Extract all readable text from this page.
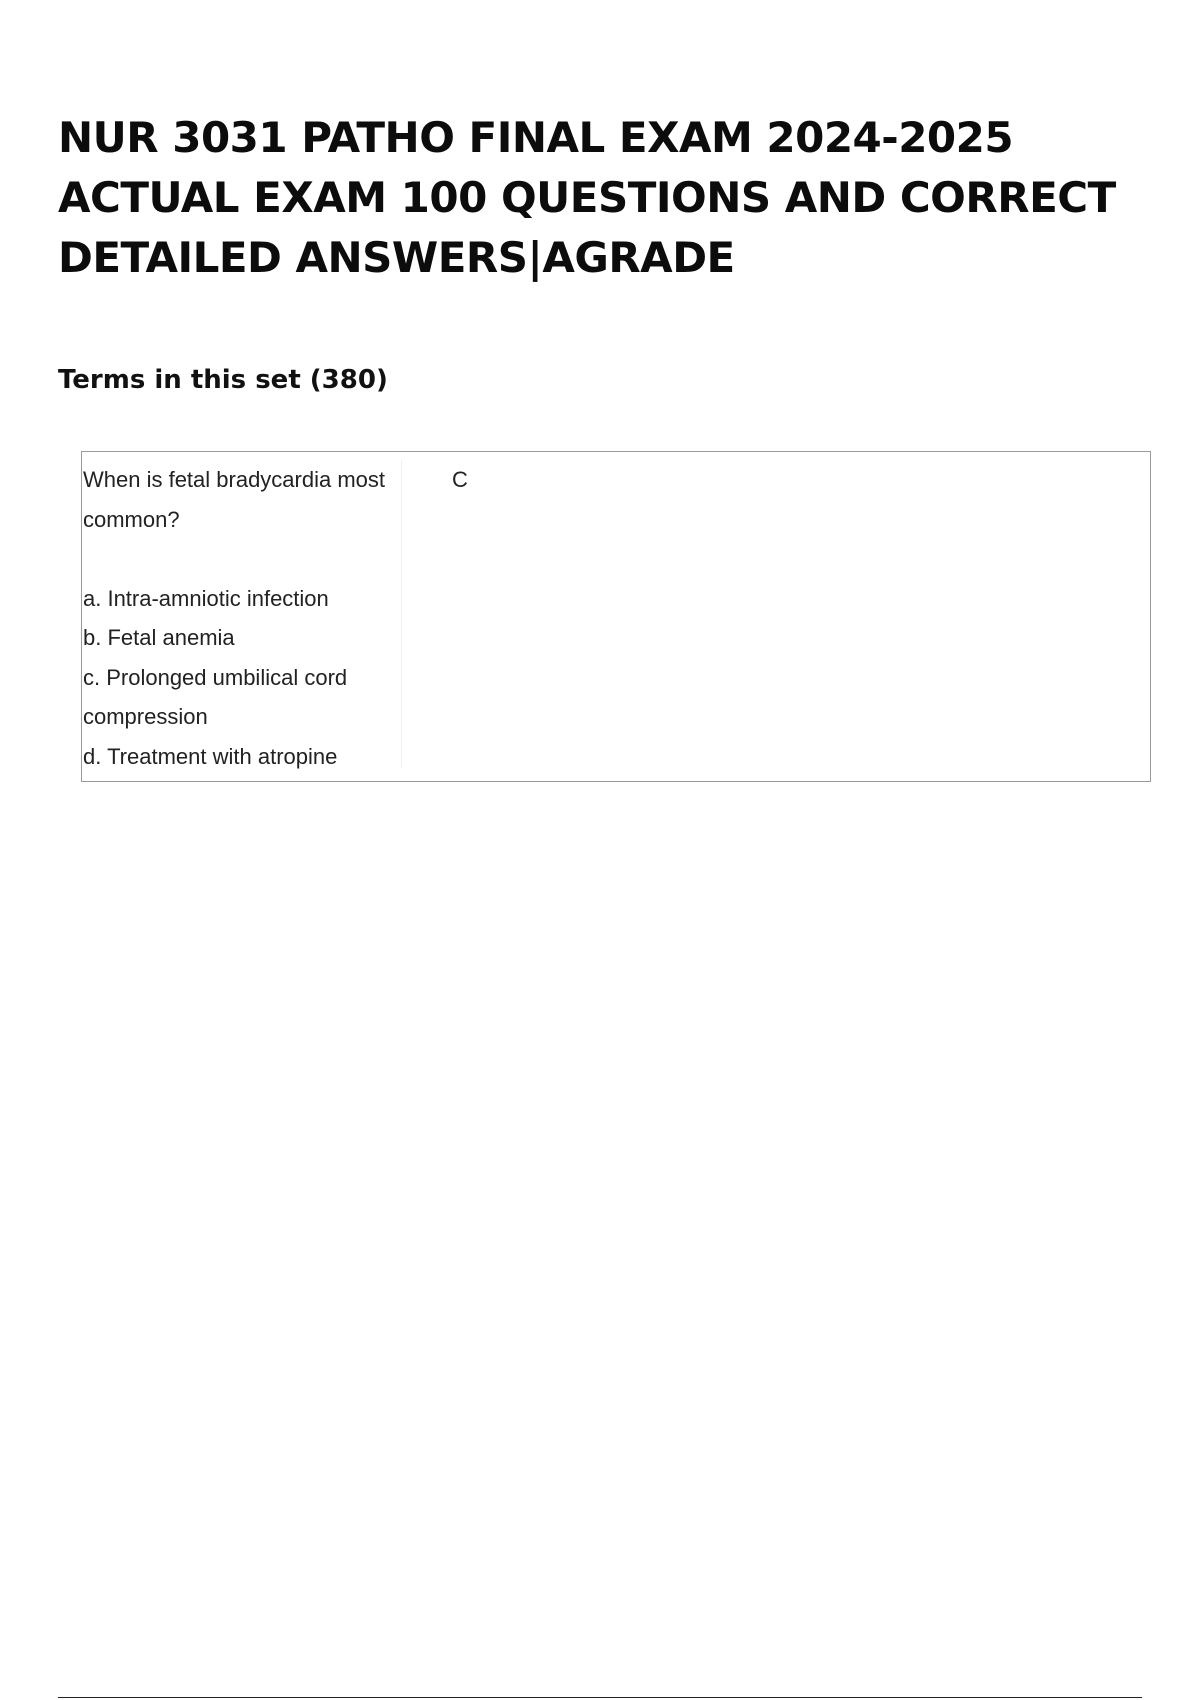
NUR 3031 PATHO FINAL EXAM 2024-2025 ACTUAL EXAM 100 QUESTIONS AND CORRECT DETAILED ANSWERS|AGRADE
Terms in this set (380)
When is fetal bradycardia most common?
a. Intra-amniotic infection
b. Fetal anemia
c. Prolonged umbilical cord compression
d. Treatment with atropine
C
